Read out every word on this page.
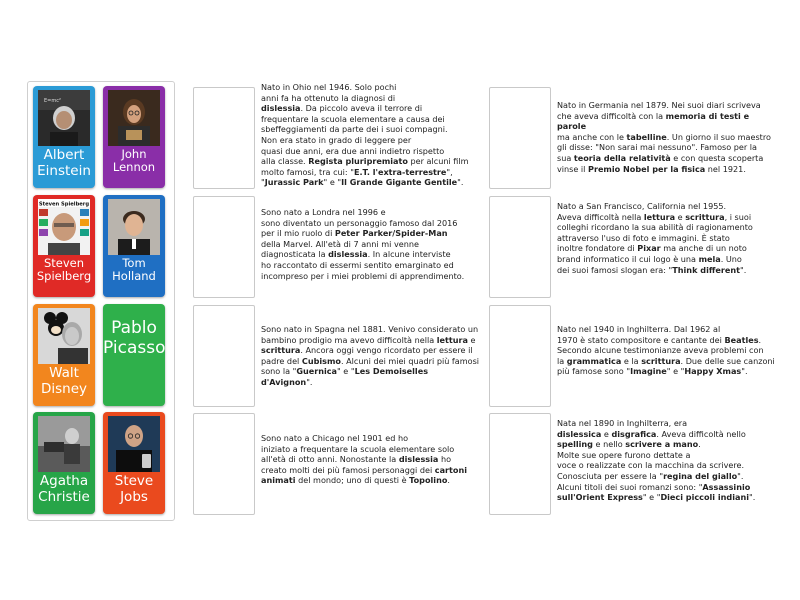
E=mc²
Albert
Einstein
John
Lennon
Steven Spielberg
Steven
Spielberg
Tom
Holland
Walt
Disney
Pablo
Picasso
Agatha
Christie
Steve
Jobs
Nato in Ohio nel 1946. Solo pochi
anni fa ha ottenuto la diagnosi di
dislessia. Da piccolo aveva il terrore di
frequentare la scuola elementare a causa dei
sbeffeggiamenti da parte dei i suoi compagni.
Non era stato in grado di leggere per
quasi due anni, era due anni indietro rispetto
alla classe. Regista pluripremiato per alcuni film
molto famosi, tra cui: "E.T. l'extra-terrestre",
"Jurassic Park" e "Il Grande Gigante Gentile".
Nato in Germania nel 1879. Nei suoi diari scriveva
che aveva difficoltà con la memoria di testi e parole
ma anche con le tabelline. Un giorno il suo maestro
gli disse: "Non sarai mai nessuno". Famoso per la
sua teoria della relatività e con questa scoperta
vinse il Premio Nobel per la fisica nel 1921.
Sono nato a Londra nel 1996 e
sono diventato un personaggio famoso dal 2016
per il mio ruolo di Peter Parker/Spider-Man
della Marvel. All'età di 7 anni mi venne
diagnosticata la dislessia. In alcune interviste
ho raccontato di essermi sentito emarginato ed
incompreso per i miei problemi di apprendimento.
Nato a San Francisco, California nel 1955.
Aveva difficoltà nella lettura e scrittura, i suoi
colleghi ricordano la sua abilità di ragionamento
attraverso l'uso di foto e immagini. È stato
inoltre fondatore di Pixar ma anche di un noto
brand informatico il cui logo è una mela. Uno
dei suoi famosi slogan era: "Think different".
Sono nato in Spagna nel 1881. Venivo considerato un
bambino prodigio ma avevo difficoltà nella lettura e
scrittura. Ancora oggi vengo ricordato per essere il
padre del Cubismo. Alcuni dei miei quadri più famosi
sono la "Guernica" e "Les Demoiselles d'Avignon".
Nato nel 1940 in Inghilterra. Dal 1962 al
1970 è stato compositore e cantante dei Beatles.
Secondo alcune testimonianze aveva problemi con
la grammatica e la scrittura. Due delle sue canzoni
più famose sono "Imagine" e "Happy Xmas".
Sono nato a Chicago nel 1901 ed ho
iniziato a frequentare la scuola elementare solo
all'età di otto anni. Nonostante la dislessia ho
creato molti dei più famosi personaggi dei cartoni
animati del mondo; uno di questi è Topolino.
Nata nel 1890 in Inghilterra, era
dislessica e disgrafica. Aveva difficoltà nello
spelling e nello scrivere a mano.
Molte sue opere furono dettate a
voce o realizzate con la macchina da scrivere.
Conosciuta per essere la "regina del giallo".
Alcuni titoli dei suoi romanzi sono: "Assassinio
sull'Orient Express" e "Dieci piccoli indiani".
